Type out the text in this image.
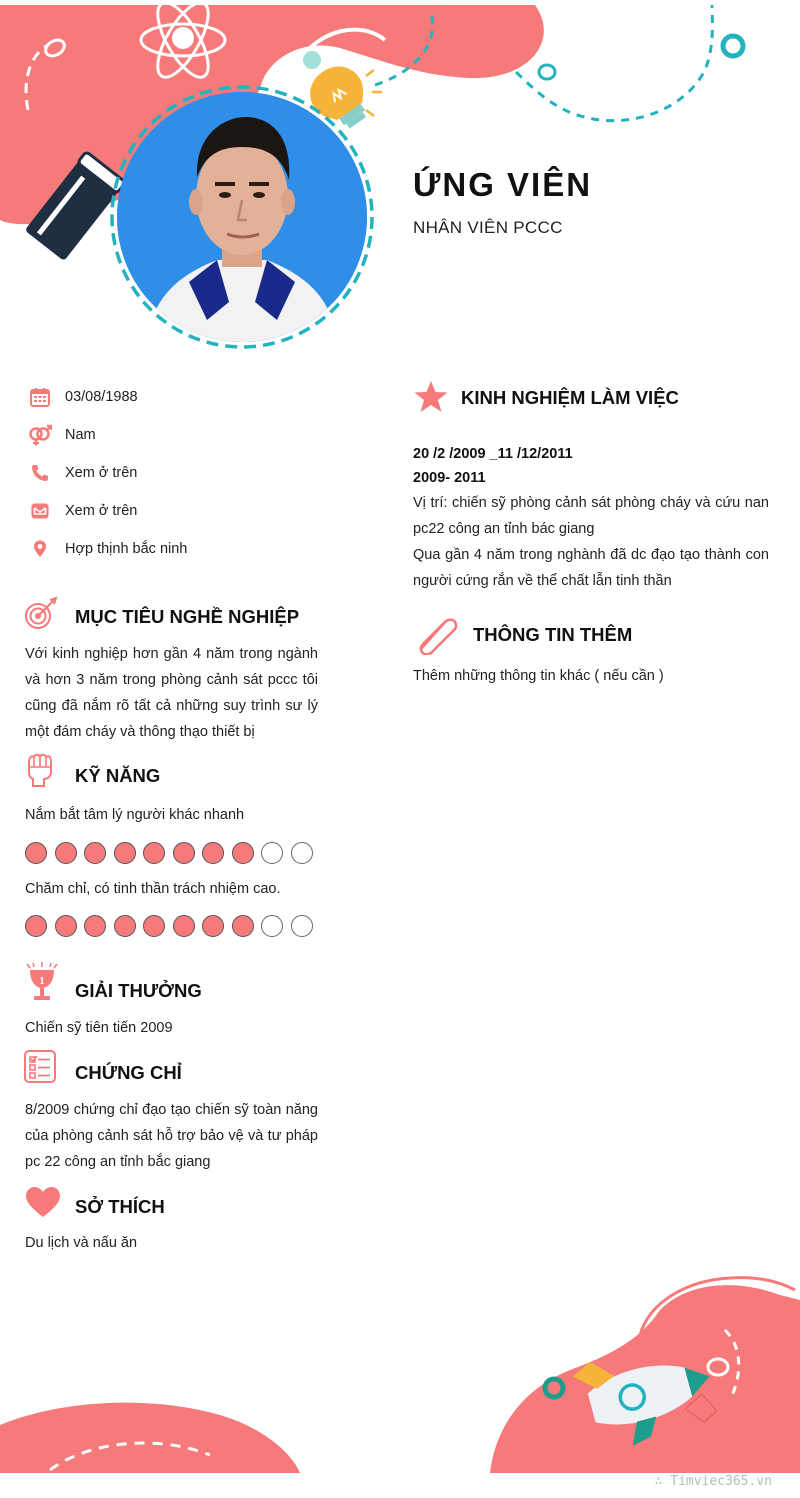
ỨNG VIÊN
NHÂN VIÊN PCCC
03/08/1988
Nam
Xem ở trên
Xem ở trên
Hợp thịnh bắc ninh
MỤC TIÊU NGHỀ NGHIỆP
Với kinh nghiệp hơn gần 4 năm trong ngành và hơn 3 năm trong phòng cảnh sát pccc tôi cũng đã nắm rõ tất cả những suy trình sư lý một đám cháy và thông thạo thiết bị
KỸ NĂNG
Nắm bắt tâm lý người khác nhanh
Chăm chỉ, có tinh thần trách nhiệm cao.
1 GIẢI THƯỞNG
Chiến sỹ tiên tiến 2009
CHỨNG CHỈ
8/2009 chứng chỉ đạo tạo chiến sỹ toàn năng của phòng cảnh sát hỗ trợ bảo vệ và tư pháp pc 22 công an tỉnh bắc giang
SỞ THÍCH
Du lịch và nấu ăn
KINH NGHIỆM LÀM VIỆC
20 /2 /2009 _11 /12/2011
2009- 2011
Vị trí: chiến sỹ phòng cảnh sát phòng cháy và cứu nan pc22 công an tỉnh bác giang
Qua gần 4 năm trong nghành đã dc đạo tạo thành con người cứng rắn về thể chất lẫn tinh thần
THÔNG TIN THÊM
Thêm những thông tin khác ( nếu cần )
∴ Timviec365.vn
